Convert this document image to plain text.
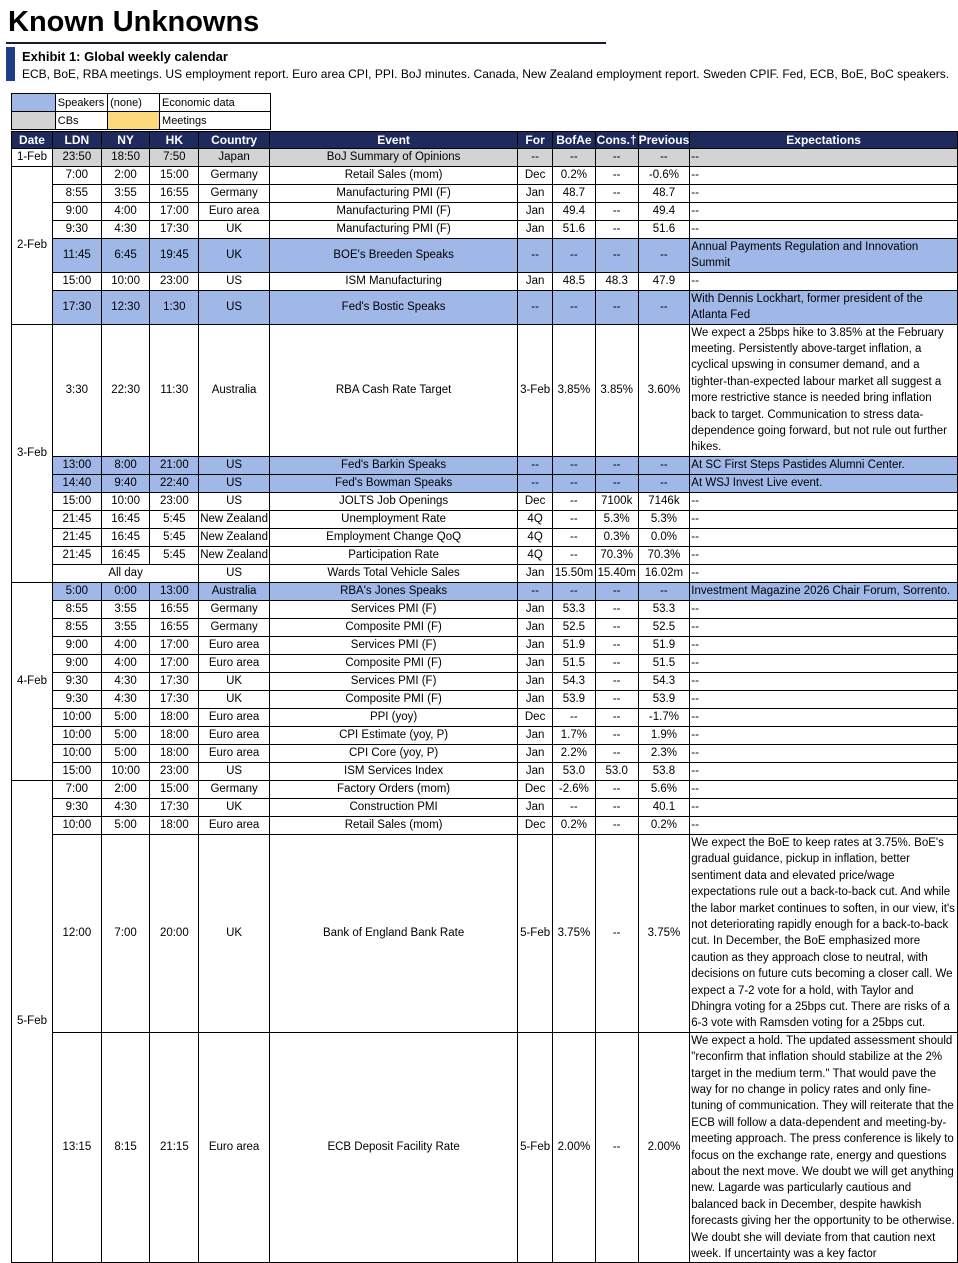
Known Unknowns
Exhibit 1: Global weekly calendar
ECB, BoE, RBA meetings. US employment report. Euro area CPI, PPI. BoJ minutes. Canada, New Zealand employment report. Sweden CPIF. Fed, ECB, BoE, BoC speakers.
	Speakers	(none)	Economic data
	CBs		Meetings
Date	LDN	NY	HK	Country	Event	For	BofAe	Cons.†	Previous	Expectations
1-Feb	23:50	18:50	7:50	Japan	BoJ Summary of Opinions	--	--	--	--	--
2-Feb	7:00	2:00	15:00	Germany	Retail Sales (mom)	Dec	0.2%	--	-0.6%	--
	8:55	3:55	16:55	Germany	Manufacturing PMI (F)	Jan	48.7	--	48.7	--
	9:00	4:00	17:00	Euro area	Manufacturing PMI (F)	Jan	49.4	--	49.4	--
	9:30	4:30	17:30	UK	Manufacturing PMI (F)	Jan	51.6	--	51.6	--
	11:45	6:45	19:45	UK	BOE's Breeden Speaks	--	--	--	--	Annual Payments Regulation and Innovation Summit
	15:00	10:00	23:00	US	ISM Manufacturing	Jan	48.5	48.3	47.9	--
	17:30	12:30	1:30	US	Fed's Bostic Speaks	--	--	--	--	With Dennis Lockhart, former president of the Atlanta Fed
3-Feb	3:30	22:30	11:30	Australia	RBA Cash Rate Target	3-Feb	3.85%	3.85%	3.60%	We expect a 25bps hike to 3.85% at the February meeting. Persistently above-target inflation, a cyclical upswing in consumer demand, and a tighter-than-expected labour market all suggest a more restrictive stance is needed bring inflation back to target. Communication to stress data-dependence going forward, but not rule out further hikes.
	13:00	8:00	21:00	US	Fed's Barkin Speaks	--	--	--	--	At SC First Steps Pastides Alumni Center.
	14:40	9:40	22:40	US	Fed's Bowman Speaks	--	--	--	--	At WSJ Invest Live event.
	15:00	10:00	23:00	US	JOLTS Job Openings	Dec	--	7100k	7146k	--
	21:45	16:45	5:45	New Zealand	Unemployment Rate	4Q	--	5.3%	5.3%	--
	21:45	16:45	5:45	New Zealand	Employment Change QoQ	4Q	--	0.3%	0.0%	--
	21:45	16:45	5:45	New Zealand	Participation Rate	4Q	--	70.3%	70.3%	--
	All day			US	Wards Total Vehicle Sales	Jan	15.50m	15.40m	16.02m	--
4-Feb	5:00	0:00	13:00	Australia	RBA's Jones Speaks	--	--	--	--	Investment Magazine 2026 Chair Forum, Sorrento.
	8:55	3:55	16:55	Germany	Services PMI (F)	Jan	53.3	--	53.3	--
	8:55	3:55	16:55	Germany	Composite PMI (F)	Jan	52.5	--	52.5	--
	9:00	4:00	17:00	Euro area	Services PMI (F)	Jan	51.9	--	51.9	--
	9:00	4:00	17:00	Euro area	Composite PMI (F)	Jan	51.5	--	51.5	--
	9:30	4:30	17:30	UK	Services PMI (F)	Jan	54.3	--	54.3	--
	9:30	4:30	17:30	UK	Composite PMI (F)	Jan	53.9	--	53.9	--
	10:00	5:00	18:00	Euro area	PPI (yoy)	Dec	--	--	-1.7%	--
	10:00	5:00	18:00	Euro area	CPI Estimate (yoy, P)	Jan	1.7%	--	1.9%	--
	10:00	5:00	18:00	Euro area	CPI Core (yoy, P)	Jan	2.2%	--	2.3%	--
	15:00	10:00	23:00	US	ISM Services Index	Jan	53.0	53.0	53.8	--
5-Feb	7:00	2:00	15:00	Germany	Factory Orders (mom)	Dec	-2.6%	--	5.6%	--
	9:30	4:30	17:30	UK	Construction PMI	Jan	--	--	40.1	--
	10:00	5:00	18:00	Euro area	Retail Sales (mom)	Dec	0.2%	--	0.2%	--
	12:00	7:00	20:00	UK	Bank of England Bank Rate	5-Feb	3.75%	--	3.75%	We expect the BoE to keep rates at 3.75%. BoE's gradual guidance, pickup in inflation, better sentiment data and elevated price/wage expectations rule out a back-to-back cut. And while the labor market continues to soften, in our view, it's not deteriorating rapidly enough for a back-to-back cut. In December, the BoE emphasized more caution as they approach close to neutral, with decisions on future cuts becoming a closer call. We expect a 7-2 vote for a hold, with Taylor and Dhingra voting for a 25bps cut. There are risks of a 6-3 vote with Ramsden voting for a 25bps cut.
	13:15	8:15	21:15	Euro area	ECB Deposit Facility Rate	5-Feb	2.00%	--	2.00%	We expect a hold. The updated assessment should "reconfirm that inflation should stabilize at the 2% target in the medium term." That would pave the way for no change in policy rates and only fine-tuning of communication. They will reiterate that the ECB will follow a data-dependent and meeting-by-meeting approach. The press conference is likely to focus on the exchange rate, energy and questions about the next move. We doubt we will get anything new. Lagarde was particularly cautious and balanced back in December, despite hawkish forecasts giving her the opportunity to be otherwise. We doubt she will deviate from that caution next week. If uncertainty was a key factor
